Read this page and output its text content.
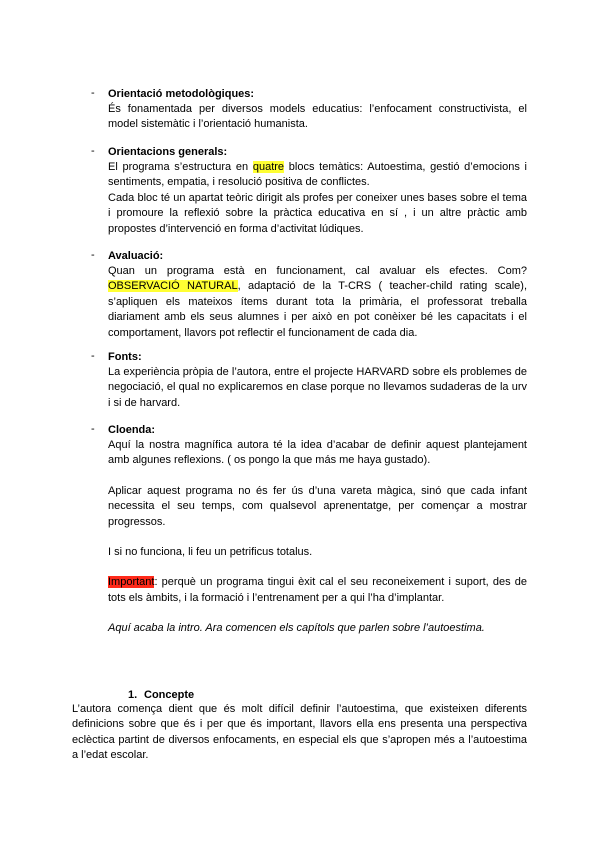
-	Orientació metodològiques:

És fonamentada per diversos models educatius: l’enfocament constructivista, el model sistemàtic i l’orientació humanista.

-	Orientacions generals:

El programa s’estructura en quatre blocs temàtics: Autoestima, gestió d’emocions i sentiments, empatia, i resolució positiva de conflictes.

Cada bloc té un apartat teòric dirigit als profes per coneixer unes bases sobre el tema i promoure la reflexió sobre la pràctica educativa en sí , i un altre pràctic amb propostes d’intervenció en forma d’activitat lúdiques.

-	Avaluació:

Quan un programa està en funcionament, cal avaluar els efectes. Com? OBSERVACIÓ NATURAL, adaptació de la T-CRS ( teacher-child rating scale), s’apliquen els mateixos ítems durant tota la primària, el professorat treballa diariament amb els seus alumnes i per això en pot conèixer bé les capacitats i el comportament, llavors pot reflectir el funcionament de cada dia.

-	Fonts:

La experiència pròpia de l’autora, entre el projecte HARVARD sobre els problemes de negociació, el qual no explicaremos en clase porque no llevamos sudaderas de la urv i si de harvard.

-	Cloenda:

Aquí la nostra magnífica autora té la idea d’acabar de definir aquest plantejament amb algunes reflexions. ( os pongo la que más me haya gustado).

Aplicar aquest programa no és fer ús d’una vareta màgica, sinó que cada infant necessita el seu temps, com qualsevol aprenentatge, per començar a mostrar progressos.

I si no funciona, li feu un petrificus totalus.

Important: perquè un programa tingui èxit cal el seu reconeixement i suport, des de tots els àmbits, i la formació i l’entrenament per a qui l’ha d’implantar.

Aquí acaba la intro. Ara comencen els capítols que parlen sobre l’autoestima.

1. Concepte
L’autora comença dient que és molt difícil definir l’autoestima, que existeixen diferents definicions sobre que és i per que és important, llavors ella ens presenta una perspectiva eclèctica partint de diversos enfocaments, en especial els que s’apropen més a l’autoestima a l’edat escolar.
